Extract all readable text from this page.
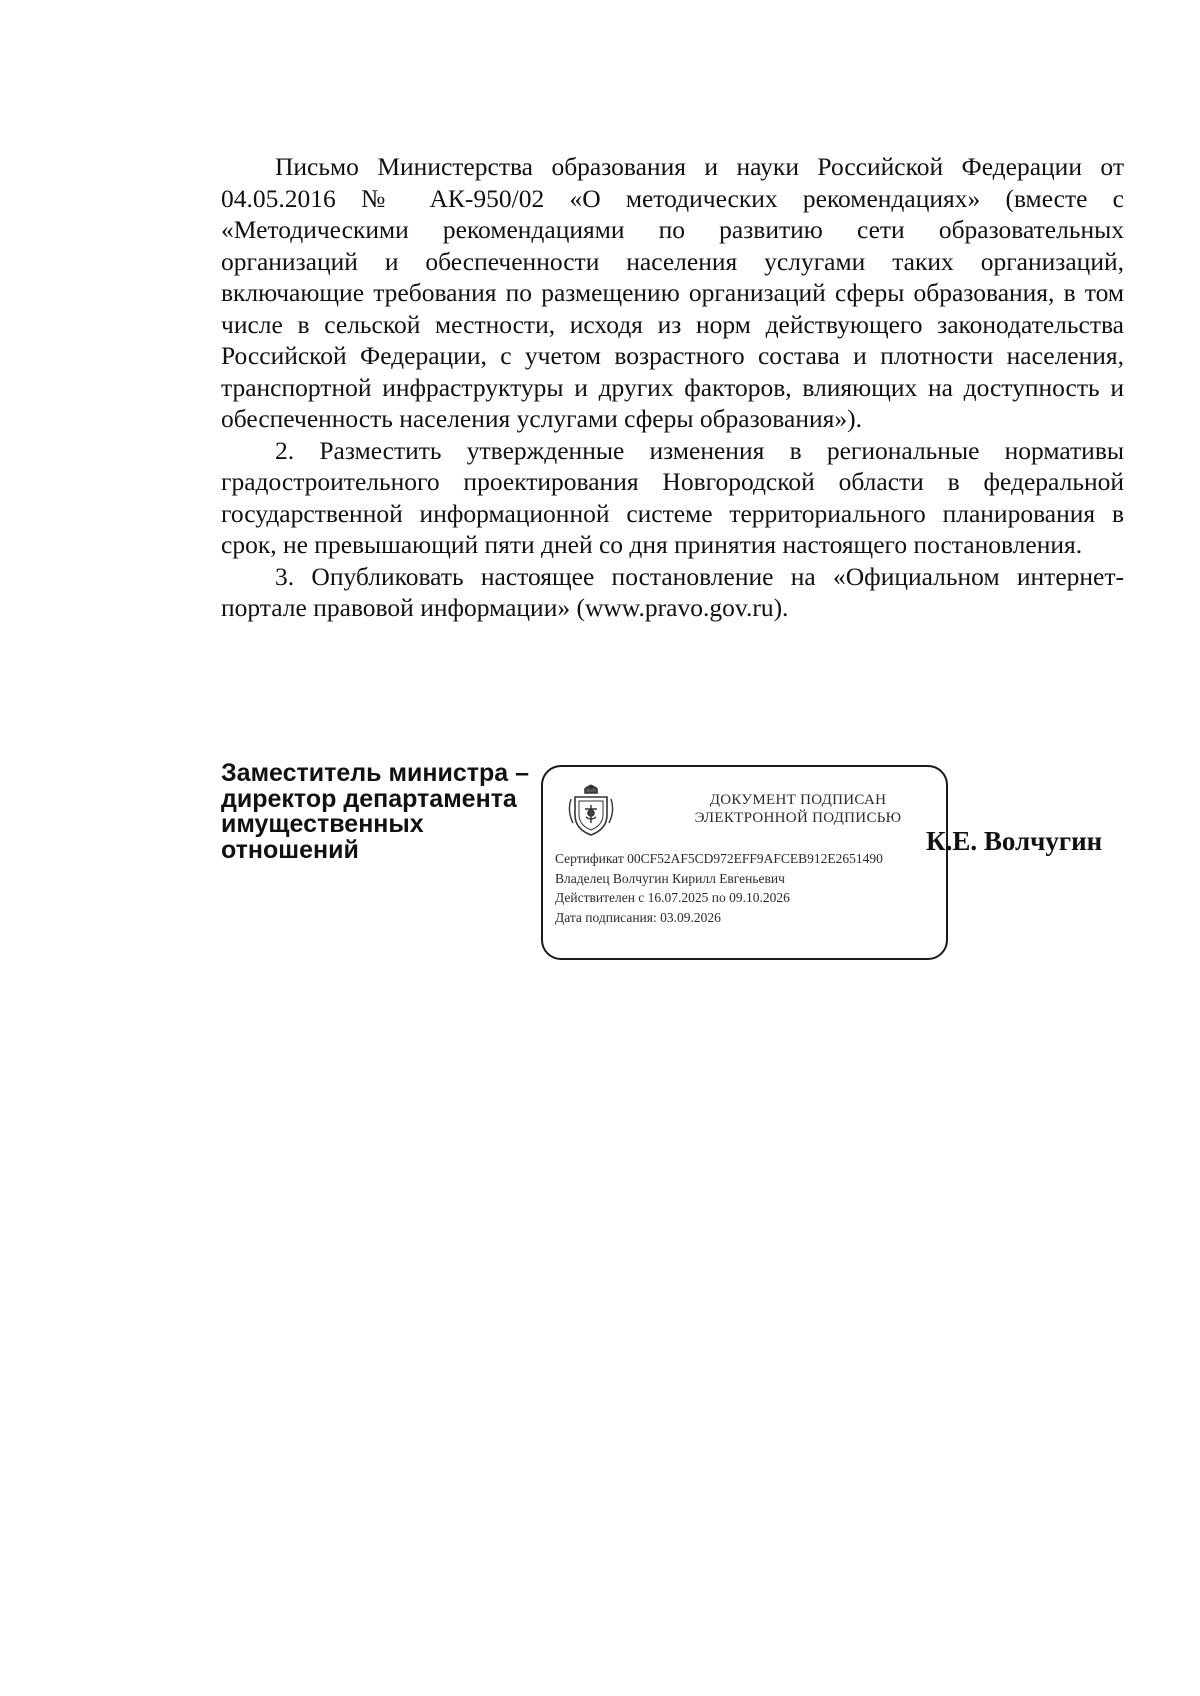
Письмо Министерства образования и науки Российской Федерации от 04.05.2016 № АК-950/02 «О методических рекомендациях» (вместе с «Методическими рекомендациями по развитию сети образовательных организаций и обеспеченности населения услугами таких организаций, включающие требования по размещению организаций сферы образования, в том числе в сельской местности, исходя из норм действующего законодательства Российской Федерации, с учетом возрастного состава и плотности населения, транспортной инфраструктуры и других факторов, влияющих на доступность и обеспеченность населения услугами сферы образования»).

2. Разместить утвержденные изменения в региональные нормативы градостроительного проектирования Новгородской области в федеральной государственной информационной системе территориального планирования в срок, не превышающий пяти дней со дня принятия настоящего постановления.

3. Опубликовать настоящее постановление на «Официальном интернет-портале правовой информации» (www.pravo.gov.ru).

Заместитель министра –
директор департамента
имущественных
отношений
ДОКУМЕНТ ПОДПИСАН
ЭЛЕКТРОННОЙ ПОДПИСЬЮ
Сертификат 00CF52AF5CD972EFF9AFCEB912E2651490
Владелец Волчугин Кирилл Евгеньевич
Действителен с 16.07.2025 по 09.10.2026
Дата подписания: 03.09.2026
К.Е. Волчугин
